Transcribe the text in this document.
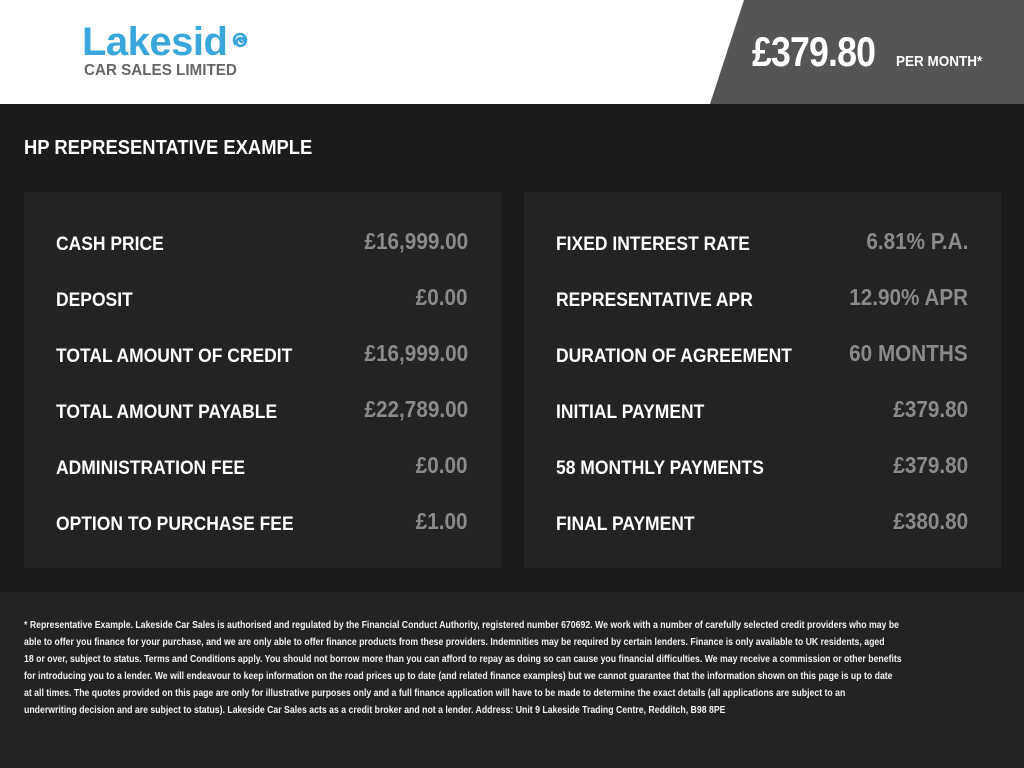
Lakesid
CAR SALES LIMITED	£379.80 PER MONTH*
HP REPRESENTATIVE EXAMPLE
CASH PRICE	£16,999.00
DEPOSIT	£0.00
TOTAL AMOUNT OF CREDIT	£16,999.00
TOTAL AMOUNT PAYABLE	£22,789.00
ADMINISTRATION FEE	£0.00
OPTION TO PURCHASE FEE	£1.00
FIXED INTEREST RATE	6.81% P.A.
REPRESENTATIVE APR	12.90% APR
DURATION OF AGREEMENT	60 MONTHS
INITIAL PAYMENT	£379.80
58 MONTHLY PAYMENTS	£379.80
FINAL PAYMENT	£380.80
* Representative Example. Lakeside Car Sales is authorised and regulated by the Financial Conduct Authority, registered number 670692. We work with a number of carefully selected credit providers who may be
able to offer you finance for your purchase, and we are only able to offer finance products from these providers. Indemnities may be required by certain lenders. Finance is only available to UK residents, aged
18 or over, subject to status. Terms and Conditions apply. You should not borrow more than you can afford to repay as doing so can cause you financial difficulties. We may receive a commission or other benefits
for introducing you to a lender. We will endeavour to keep information on the road prices up to date (and related finance examples) but we cannot guarantee that the information shown on this page is up to date
at all times. The quotes provided on this page are only for illustrative purposes only and a full finance application will have to be made to determine the exact details (all applications are subject to an
underwriting decision and are subject to status). Lakeside Car Sales acts as a credit broker and not a lender. Address: Unit 9 Lakeside Trading Centre, Redditch, B98 8PE
